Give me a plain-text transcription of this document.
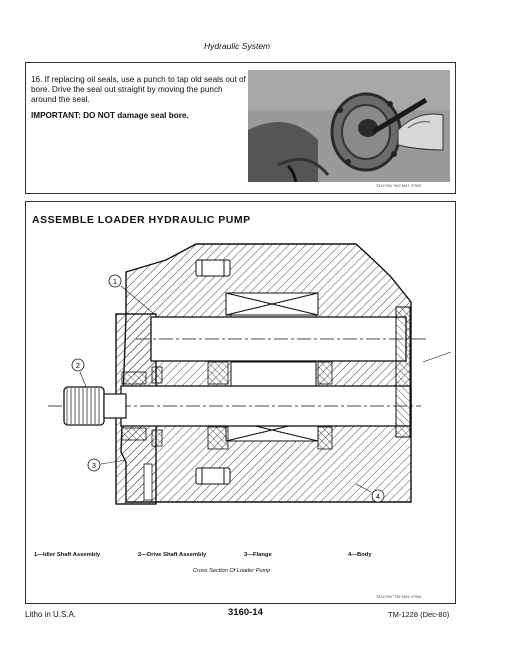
Hydraulic System
16. If replacing oil seals, use a punch to tap old seals out of bore. Drive the seal out straight by moving the punch around the seal.
IMPORTANT: DO NOT damage seal bore.
T81479N "062 M47 27930
ASSEMBLE LOADER HYDRAULIC PUMP
1
2
3
4
1—Idler Shaft Assembly	2—Drive Shaft Assembly	3—Flange	4—Body
Cross Section Of Loader Pump
T81479N "T81 M49 27930
Litho in U.S.A.	3160-14	TM-1228 (Dec-80)
